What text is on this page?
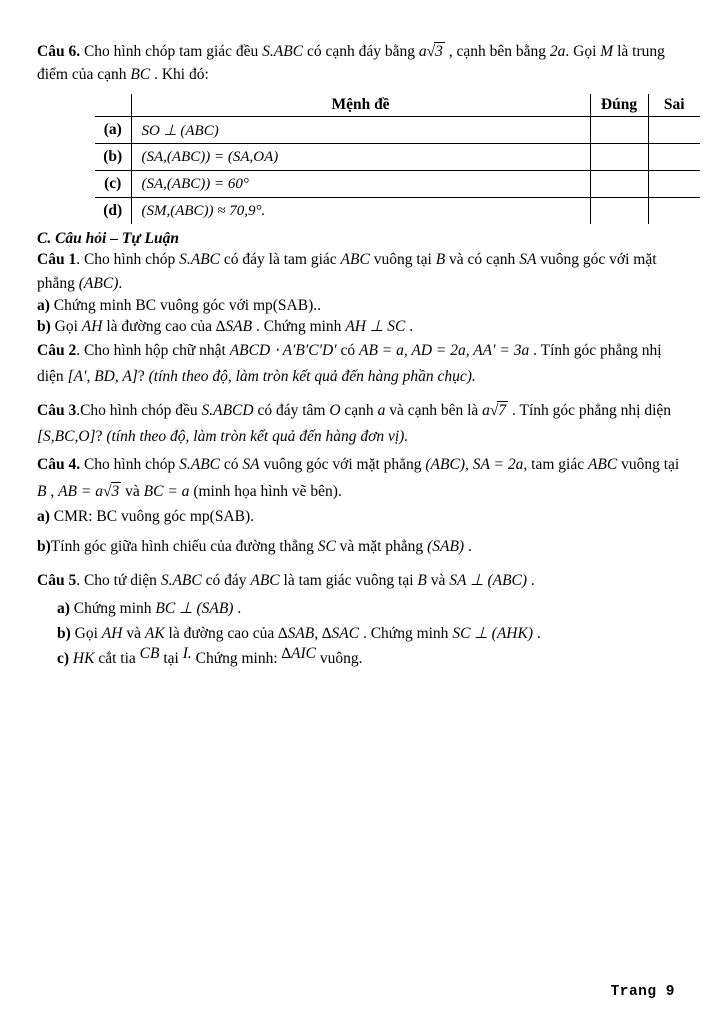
Câu 6. Cho hình chóp tam giác đều S.ABC có cạnh đáy bằng a√3 , cạnh bên bằng 2a. Gọi M là trung điểm của cạnh BC . Khi đó:

	Mệnh đề	Đúng	Sai
(a)	SO ⊥ (ABC)		
(b)	(SA,(ABC)) = (SA,OA)		
(c)	(SA,(ABC)) = 60°		
(d)	(SM,(ABC)) ≈ 70,9°.		

C. Câu hỏi – Tự Luận

Câu 1. Cho hình chóp S.ABC có đáy là tam giác ABC vuông tại B và có cạnh SA vuông góc với mặt phẳng (ABC).

a) Chứng minh BC vuông góc với mp(SAB)..

b) Gọi AH là đường cao của ∆SAB . Chứng minh AH ⊥ SC .

Câu 2. Cho hình hộp chữ nhật ABCD ⋅ A′B′C′D′ có AB = a, AD = 2a, AA′ = 3a . Tính góc phẳng nhị diện [A′, BD, A]? (tính theo độ, làm tròn kết quả đến hàng phần chục).

Câu 3.Cho hình chóp đều S.ABCD có đáy tâm O cạnh a và cạnh bên là a√7 . Tính góc phẳng nhị diện [S,BC,O]? (tính theo độ, làm tròn kết quả đến hàng đơn vị).

Câu 4. Cho hình chóp S.ABC có SA vuông góc với mặt phẳng (ABC), SA = 2a, tam giác ABC vuông tại B , AB = a√3 và BC = a (minh họa hình vẽ bên).

a) CMR: BC vuông góc mp(SAB).

b)Tính góc giữa hình chiếu của đường thẳng SC và mặt phẳng (SAB) .

Câu 5. Cho tứ diện S.ABC có đáy ABC là tam giác vuông tại B và SA ⊥ (ABC) .

a) Chứng minh BC ⊥ (SAB) .

b) Gọi AH và AK là đường cao của ∆SAB, ∆SAC . Chứng minh SC ⊥ (AHK) .

c) HK cắt tia CB tại I. Chứng minh: ∆AIC vuông.

Trang 9
